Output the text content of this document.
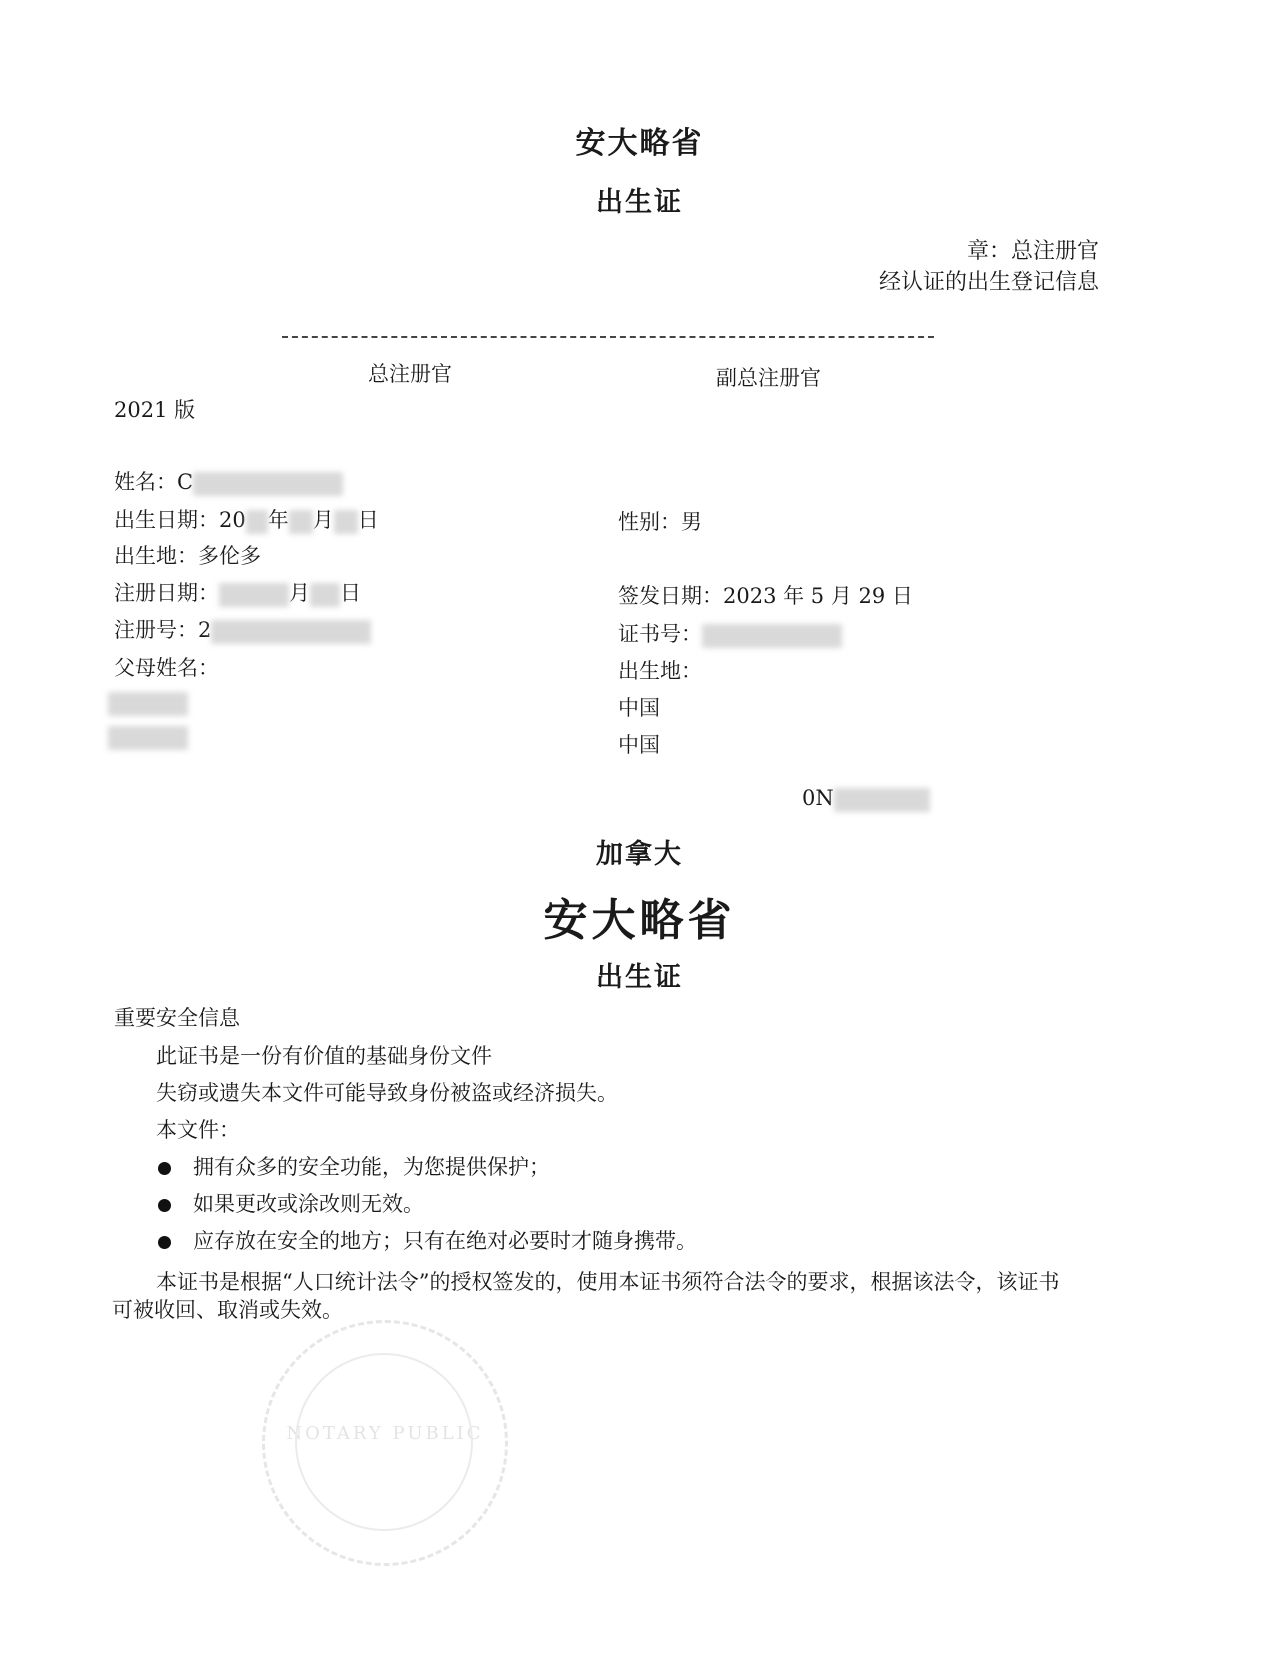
安大略省
出生证
章：总注册官
经认证的出生登记信息
总注册官	副总注册官
2021 版
姓名：C
出生日期：20 年 月 日
出生地：多伦多
注册日期：	月 日
注册号：2
父母姓名：
性别：男
签发日期：2023 年 5 月 29 日
证书号：
出生地：
中国
中国
0N
加拿大
安大略省
出生证
重要安全信息
此证书是一份有价值的基础身份文件
失窃或遗失本文件可能导致身份被盗或经济损失。
本文件：
拥有众多的安全功能，为您提供保护；
如果更改或涂改则无效。
应存放在安全的地方；只有在绝对必要时才随身携带。
本证书是根据“人口统计法令”的授权签发的，使用本证书须符合法令的要求，根据该法令，该证书
可被收回、取消或失效。
NOTARY PUBLIC
